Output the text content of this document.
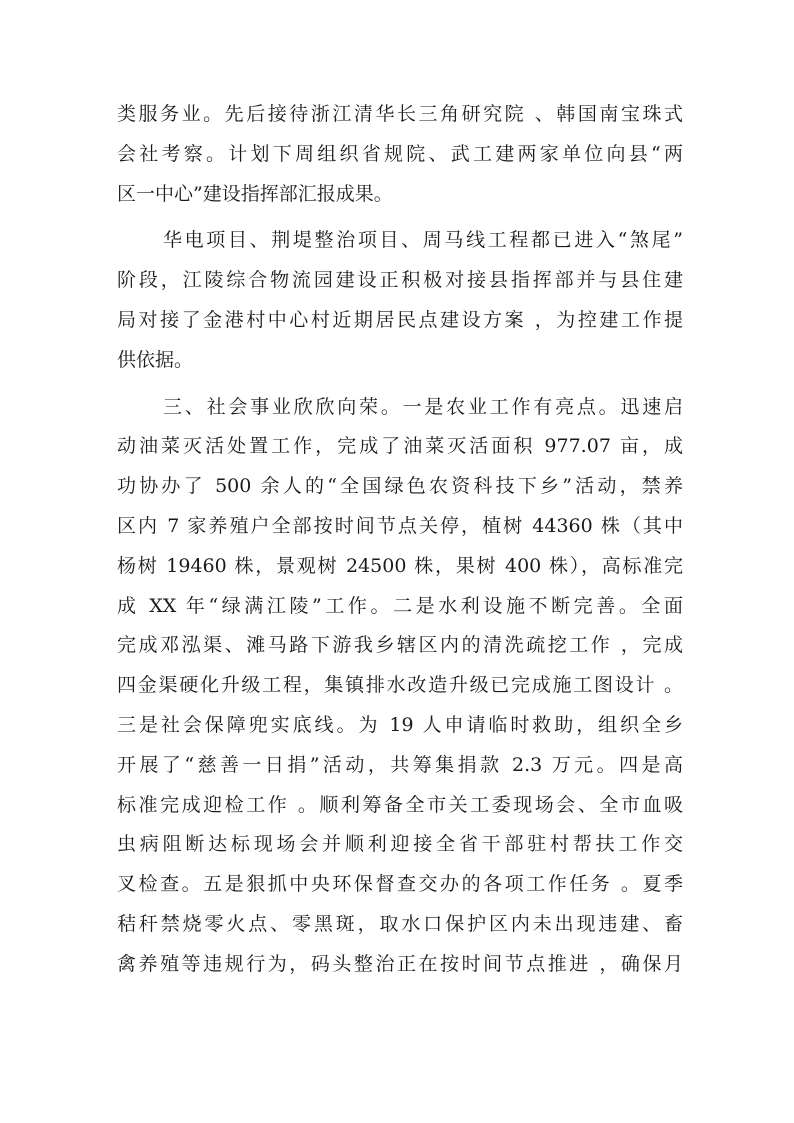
类服务业。先后接待浙江清华长三角研究院 、韩国南宝珠式
会社考察。计划下周组织省规院、武工建两家单位向县“两
区一中心”建设指挥部汇报成果。
华电项目、荆堤整治项目、周马线工程都已进入“煞尾”
阶段，江陵综合物流园建设正积极对接县指挥部并与县住建
局对接了金港村中心村近期居民点建设方案 ，为控建工作提
供依据。
三、社会事业欣欣向荣。一是农业工作有亮点。迅速启
动油菜灭活处置工作，完成了油菜灭活面积 977.07 亩，成
功协办了 500 余人的“全国绿色农资科技下乡”活动，禁养
区内 7 家养殖户全部按时间节点关停，植树 44360 株（其中
杨树 19460 株，景观树 24500 株，果树 400 株），高标准完
成 XX 年“绿满江陵”工作。二是水利设施不断完善。全面
完成邓泓渠、滩马路下游我乡辖区内的清洗疏挖工作 ，完成
四金渠硬化升级工程，集镇排水改造升级已完成施工图设计 。
三是社会保障兜实底线。为 19 人申请临时救助，组织全乡
开展了“慈善一日捐”活动，共筹集捐款 2.3 万元。四是高
标准完成迎检工作 。顺利筹备全市关工委现场会、全市血吸
虫病阻断达标现场会并顺利迎接全省干部驻村帮扶工作交
叉检查。五是狠抓中央环保督查交办的各项工作任务 。夏季
秸秆禁烧零火点、零黑斑，取水口保护区内未出现违建、畜
禽养殖等违规行为，码头整治正在按时间节点推进 ，确保月
